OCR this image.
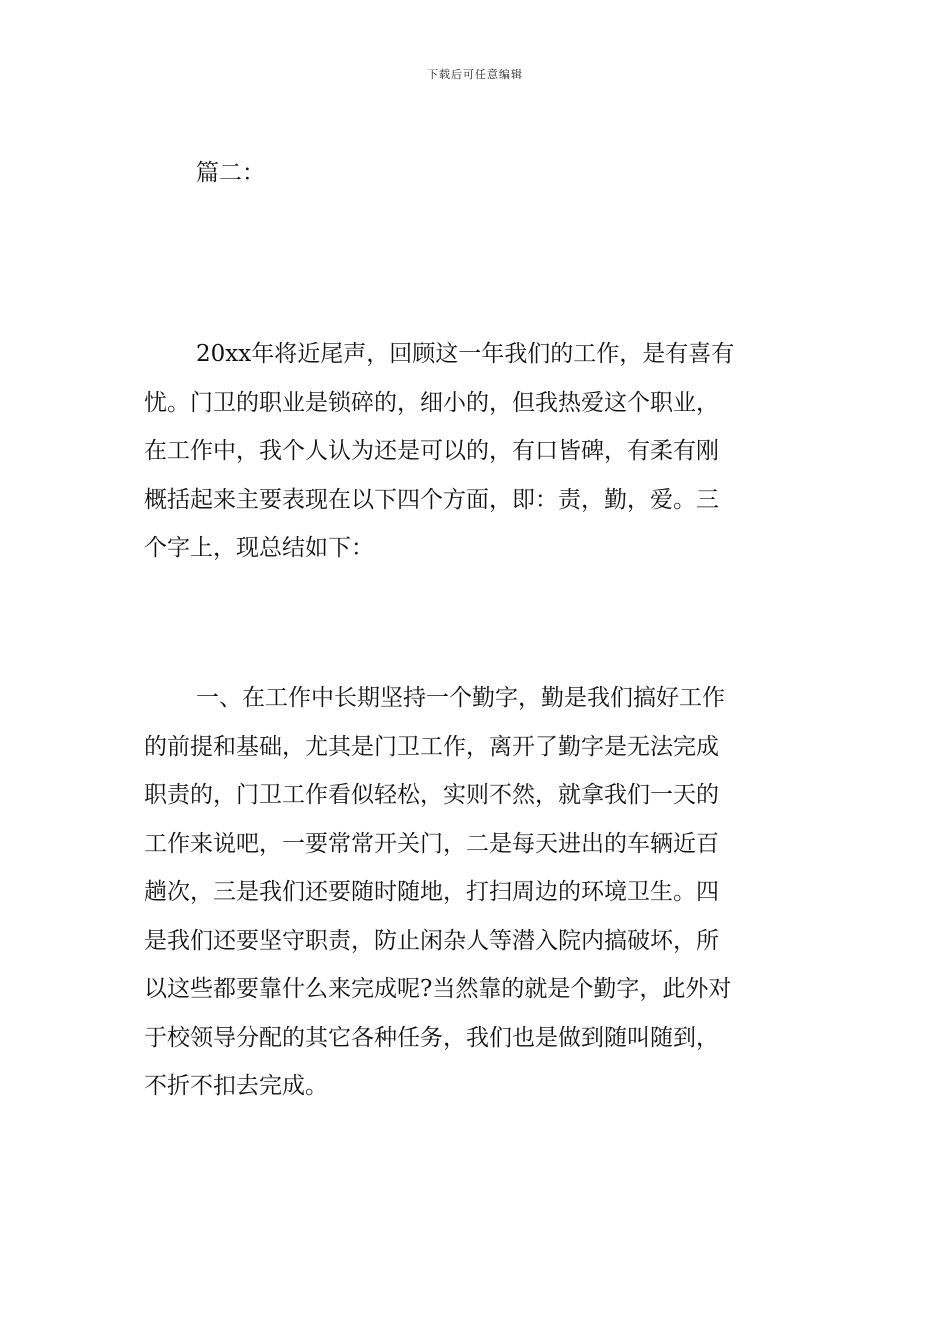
下载后可任意编辑
篇二：
20xx年将近尾声，回顾这一年我们的工作，是有喜有
忧。门卫的职业是锁碎的，细小的，但我热爱这个职业，
在工作中，我个人认为还是可以的，有口皆碑，有柔有刚
概括起来主要表现在以下四个方面，即：责，勤，爱。三
个字上，现总结如下：
一、在工作中长期坚持一个勤字，勤是我们搞好工作
的前提和基础，尤其是门卫工作，离开了勤字是无法完成
职责的，门卫工作看似轻松，实则不然，就拿我们一天的
工作来说吧，一要常常开关门，二是每天进出的车辆近百
趟次，三是我们还要随时随地，打扫周边的环境卫生。四
是我们还要坚守职责，防止闲杂人等潜入院内搞破坏，所
以这些都要靠什么来完成呢?当然靠的就是个勤字，此外对
于校领导分配的其它各种任务，我们也是做到随叫随到，
不折不扣去完成。
